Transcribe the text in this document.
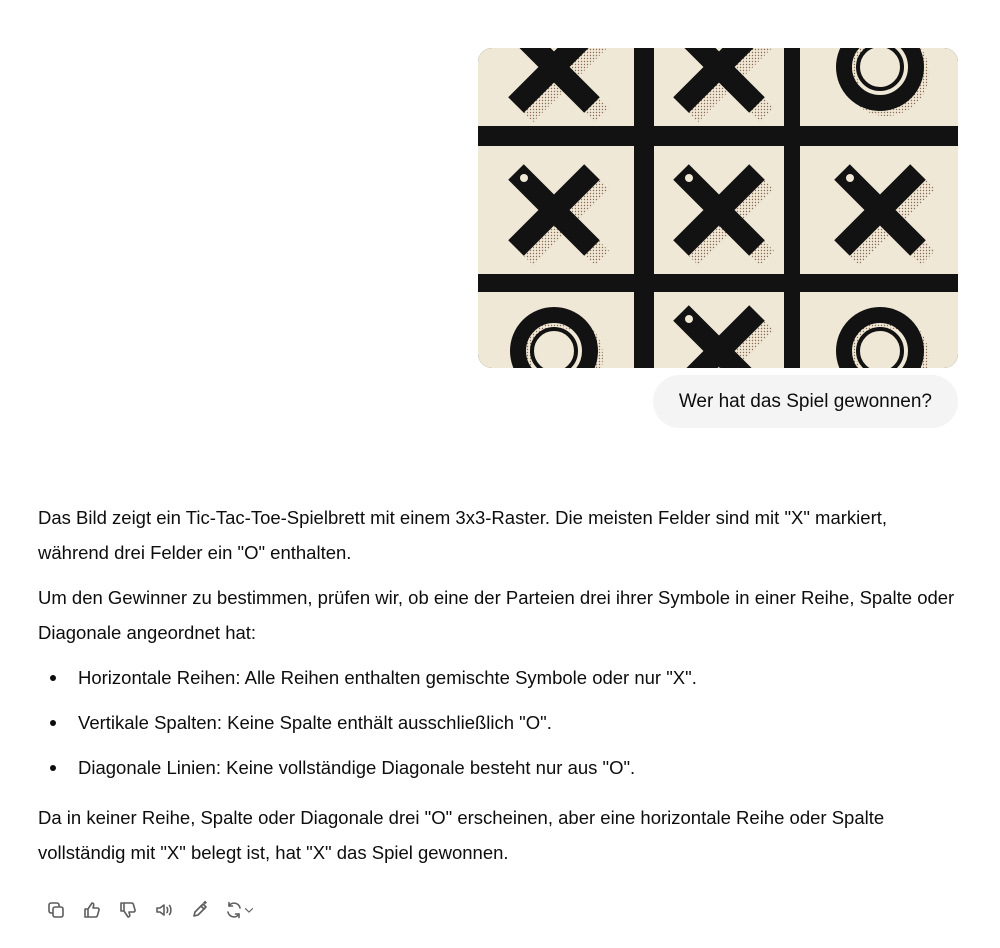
Wer hat das Spiel gewonnen?

Das Bild zeigt ein Tic-Tac-Toe-Spielbrett mit einem 3x3-Raster. Die meisten Felder sind mit "X" markiert, während drei Felder ein "O" enthalten.

Um den Gewinner zu bestimmen, prüfen wir, ob eine der Parteien drei ihrer Symbole in einer Reihe, Spalte oder Diagonale angeordnet hat:

Horizontale Reihen: Alle Reihen enthalten gemischte Symbole oder nur "X".
Vertikale Spalten: Keine Spalte enthält ausschließlich "O".
Diagonale Linien: Keine vollständige Diagonale besteht nur aus "O".

Da in keiner Reihe, Spalte oder Diagonale drei "O" erscheinen, aber eine horizontale Reihe oder Spalte vollständig mit "X" belegt ist, hat "X" das Spiel gewonnen.
